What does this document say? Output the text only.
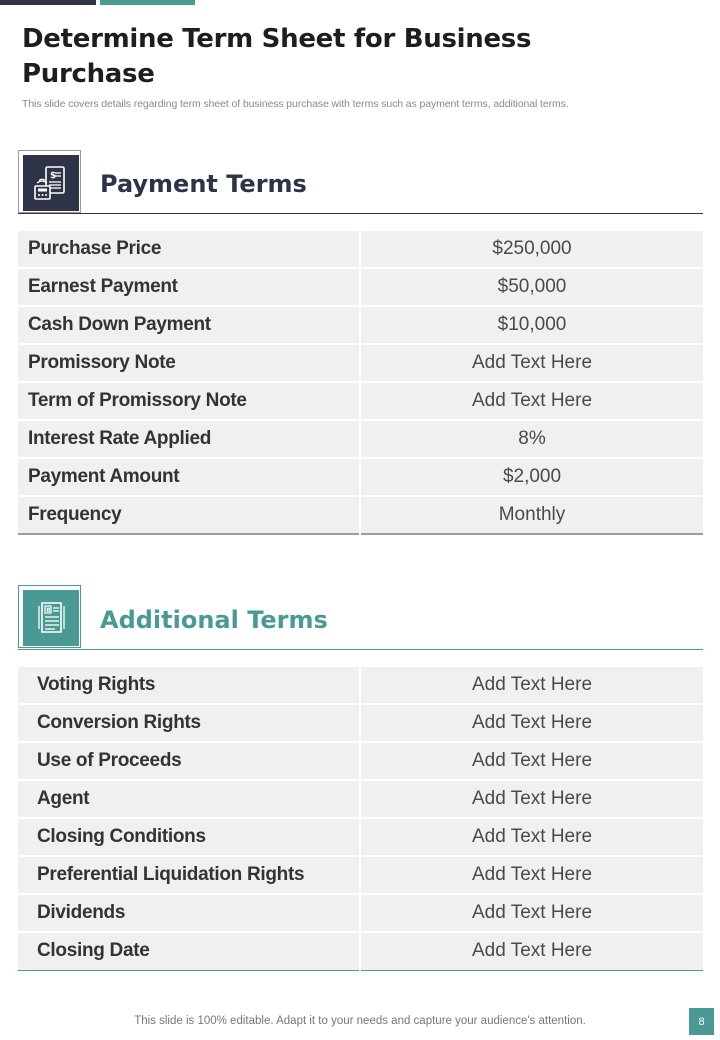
Determine Term Sheet for Business Purchase

This slide covers details regarding term sheet of business purchase with terms such as payment terms, additional terms.

$ Payment Terms
Purchase Price	$250,000
Earnest Payment	$50,000
Cash Down Payment	$10,000
Promissory Note	Add Text Here
Term of Promissory Note	Add Text Here
Interest Rate Applied	8%
Payment Amount	$2,000
Frequency	Monthly
8 Additional Terms
Voting Rights	Add Text Here
Conversion Rights	Add Text Here
Use of Proceeds	Add Text Here
Agent	Add Text Here
Closing Conditions	Add Text Here
Preferential Liquidation Rights	Add Text Here
Dividends	Add Text Here
Closing Date	Add Text Here
This slide is 100% editable. Adapt it to your needs and capture your audience's attention.	8
